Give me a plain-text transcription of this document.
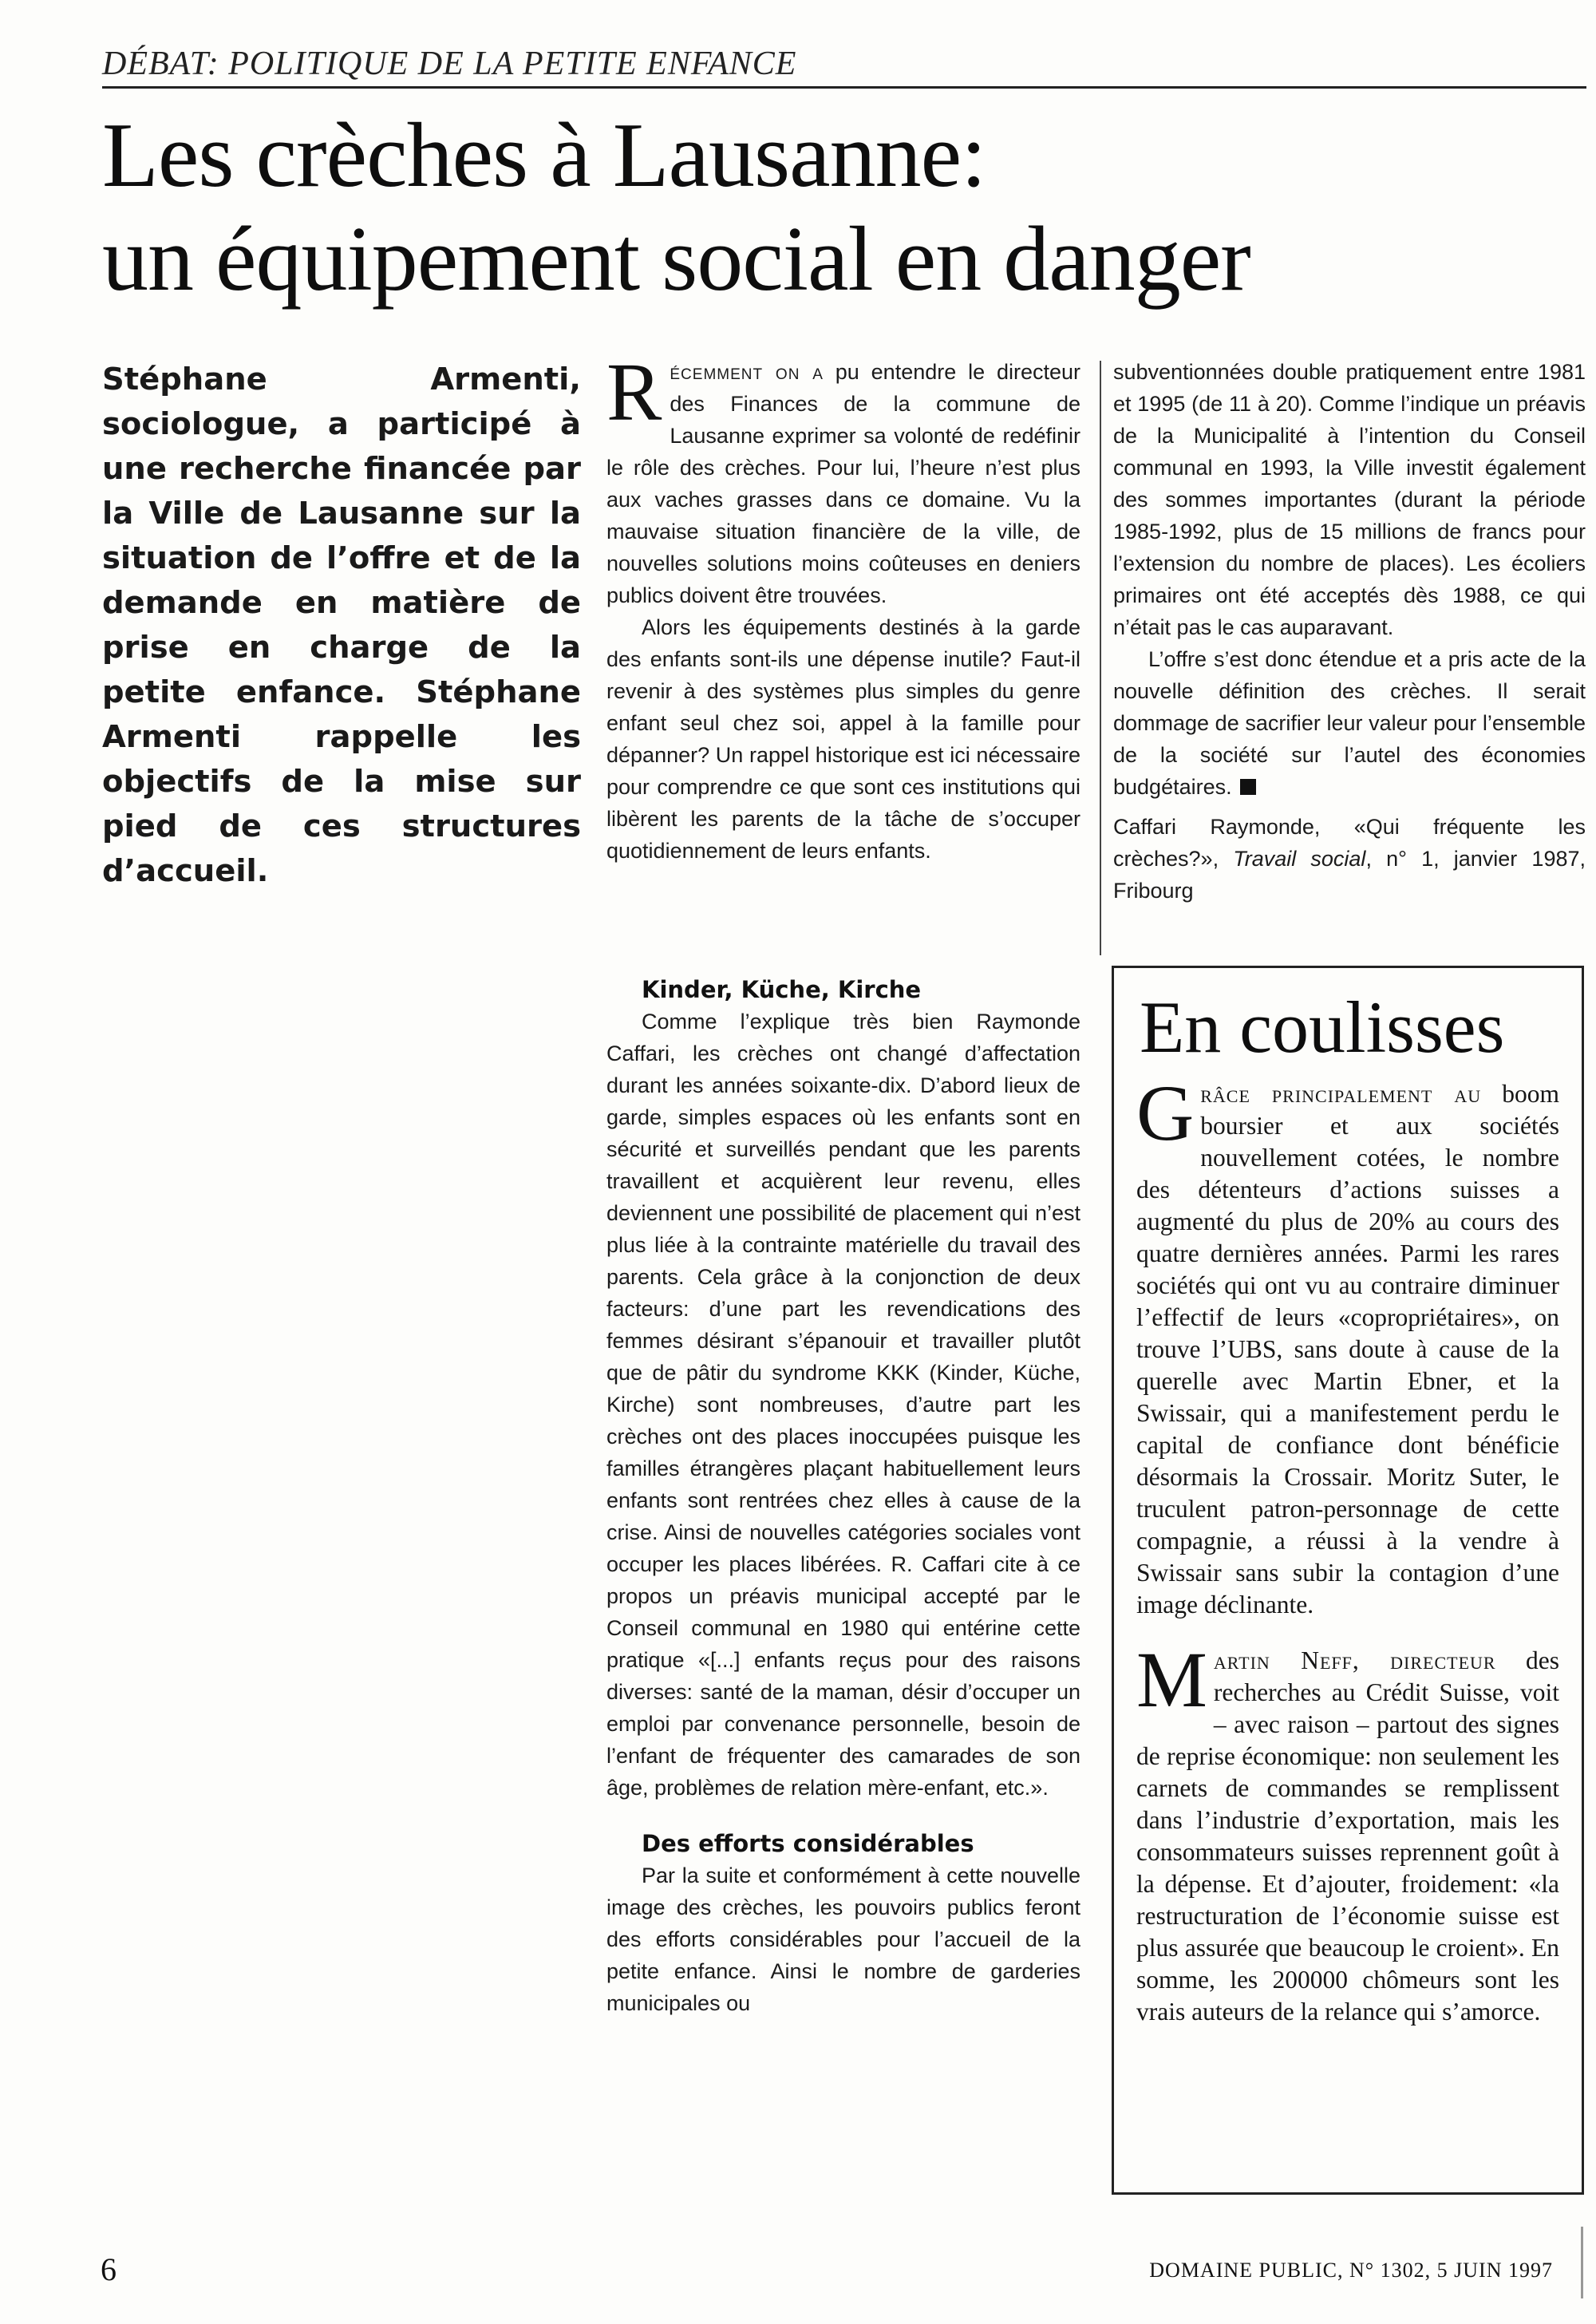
DÉBAT: POLITIQUE DE LA PETITE ENFANCE
Les crèches à Lausanne:
un équipement social en danger

Stéphane Armenti, sociologue, a participé à une recherche financée par la Ville de Lausanne sur la situation de l’offre et de la demande en matière de prise en charge de la petite enfance. Stéphane Armenti rappelle les objectifs de la mise sur pied de ces structures d’accueil.

Récemment on a pu entendre le directeur des Finances de la commune de Lausanne exprimer sa volonté de redéfinir le rôle des crèches. Pour lui, l’heure n’est plus aux vaches grasses dans ce domaine. Vu la mauvaise situation financière de la ville, de nouvelles solutions moins coûteuses en deniers publics doivent être trouvées.

Alors les équipements destinés à la garde des enfants sont-ils une dépense inutile? Faut-il revenir à des systèmes plus simples du genre enfant seul chez soi, appel à la famille pour dépanner? Un rappel historique est ici nécessaire pour comprendre ce que sont ces institutions qui libèrent les parents de la tâche de s’occuper quotidiennement de leurs enfants.

Kinder, Küche, Kirche

Comme l’explique très bien Raymonde Caffari, les crèches ont changé d’affectation durant les années soixante-dix. D’abord lieux de garde, simples espaces où les enfants sont en sécurité et surveillés pendant que les parents travaillent et acquièrent leur revenu, elles deviennent une possibilité de placement qui n’est plus liée à la contrainte matérielle du travail des parents. Cela grâce à la conjonction de deux facteurs: d’une part les revendications des femmes désirant s’épanouir et travailler plutôt que de pâtir du syndrome KKK (Kinder, Küche, Kirche) sont nombreuses, d’autre part les crèches ont des places inoccupées puisque les familles étrangères plaçant habituellement leurs enfants sont rentrées chez elles à cause de la crise. Ainsi de nouvelles catégories sociales vont occuper les places libérées. R. Caffari cite à ce propos un préavis municipal accepté par le Conseil communal en 1980 qui entérine cette pratique «[...] enfants reçus pour des raisons diverses: santé de la maman, désir d’occuper un emploi par convenance personnelle, besoin de l’enfant de fréquenter des camarades de son âge, problèmes de relation mère-enfant, etc.».

Des efforts considérables

Par la suite et conformément à cette nouvelle image des crèches, les pouvoirs publics feront des efforts considérables pour l’accueil de la petite enfance. Ainsi le nombre de garderies municipales ou

subventionnées double pratiquement entre 1981 et 1995 (de 11 à 20). Comme l’indique un préavis de la Municipalité à l’intention du Conseil communal en 1993, la Ville investit également des sommes importantes (durant la période 1985-1992, plus de 15 millions de francs pour l’extension du nombre de places). Les écoliers primaires ont été acceptés dès 1988, ce qui n’était pas le cas auparavant.

L’offre s’est donc étendue et a pris acte de la nouvelle définition des crèches. Il serait dommage de sacrifier leur valeur pour l’ensemble de la société sur l’autel des économies budgétaires.

Caffari Raymonde, «Qui fréquente les crèches?», Travail social, n° 1, janvier 1987, Fribourg

En coulisses

Grâce principalement au boom boursier et aux sociétés nouvellement cotées, le nombre des détenteurs d’actions suisses a augmenté du plus de 20% au cours des quatre dernières années. Parmi les rares sociétés qui ont vu au contraire diminuer l’effectif de leurs «copropriétaires», on trouve l’UBS, sans doute à cause de la querelle avec Martin Ebner, et la Swissair, qui a manifestement perdu le capital de confiance dont bénéficie désormais la Crossair. Moritz Suter, le truculent patron-personnage de cette compagnie, a réussi à la vendre à Swissair sans subir la contagion d’une image déclinante.

Martin Neff, directeur des recherches au Crédit Suisse, voit – avec raison – partout des signes de reprise économique: non seulement les carnets de commandes se remplissent dans l’industrie d’exportation, mais les consommateurs suisses reprennent goût à la dépense. Et d’ajouter, froidement: «la restructuration de l’économie suisse est plus assurée que beaucoup le croient». En somme, les 200000 chômeurs sont les vrais auteurs de la relance qui s’amorce.

6	DOMAINE PUBLIC, N° 1302, 5 JUIN 1997
